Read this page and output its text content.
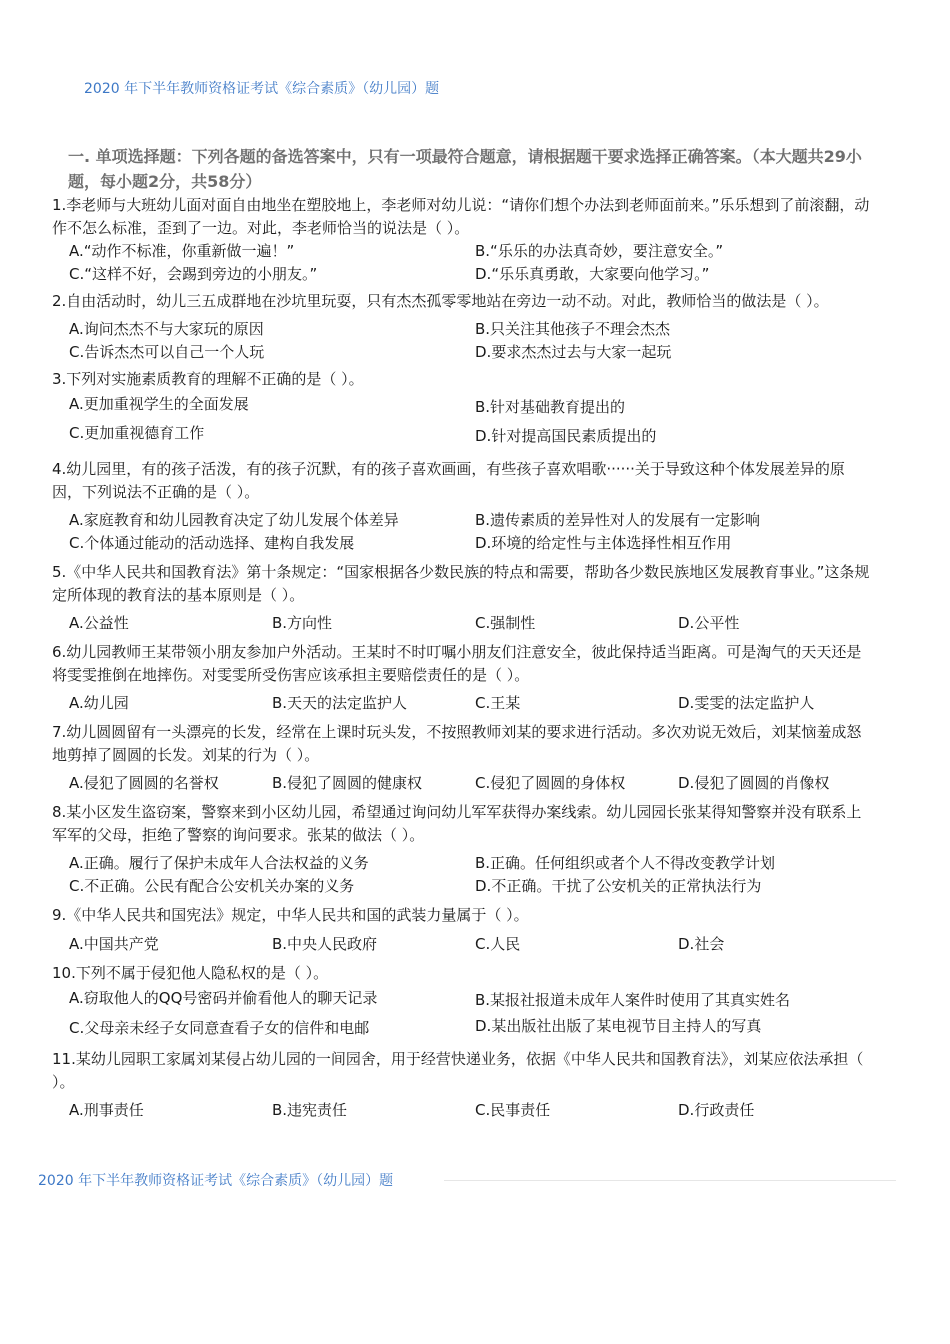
2020 年下半年教师资格证考试《综合素质》（幼儿园）题
一. 单项选择题：下列各题的备选答案中，只有一项最符合题意，请根据题干要求选择正确答案。（本大题共29小题，每小题2分，共58分）

1.李老师与大班幼儿面对面自由地坐在塑胶地上，李老师对幼儿说：“请你们想个办法到老师面前来。”乐乐想到了前滚翻，动作不怎么标准，歪到了一边。对此，李老师恰当的说法是（ ）。

A.“动作不标准，你重新做一遍！”	B.“乐乐的办法真奇妙，要注意安全。”
C.“这样不好，会踢到旁边的小朋友。”	D.“乐乐真勇敢，大家要向他学习。”

2.自由活动时，幼儿三五成群地在沙坑里玩耍，只有杰杰孤零零地站在旁边一动不动。对此，教师恰当的做法是（ ）。

A.询问杰杰不与大家玩的原因	B.只关注其他孩子不理会杰杰
C.告诉杰杰可以自己一个人玩	D.要求杰杰过去与大家一起玩

3.下列对实施素质教育的理解不正确的是（ ）。

A.更加重视学生的全面发展	B.针对基础教育提出的
C.更加重视德育工作	D.针对提高国民素质提出的

4.幼儿园里，有的孩子活泼，有的孩子沉默，有的孩子喜欢画画，有些孩子喜欢唱歌······关于导致这种个体发展差异的原因，下列说法不正确的是（ ）。

A.家庭教育和幼儿园教育决定了幼儿发展个体差异	B.遗传素质的差异性对人的发展有一定影响
C.个体通过能动的活动选择、建构自我发展	D.环境的给定性与主体选择性相互作用

5.《中华人民共和国教育法》第十条规定：“国家根据各少数民族的特点和需要，帮助各少数民族地区发展教育事业。”这条规定所体现的教育法的基本原则是（ ）。

A.公益性	B.方向性	C.强制性	D.公平性

6.幼儿园教师王某带领小朋友参加户外活动。王某时不时叮嘱小朋友们注意安全，彼此保持适当距离。可是淘气的天天还是将雯雯推倒在地摔伤。对雯雯所受伤害应该承担主要赔偿责任的是（ ）。

A.幼儿园	B.天天的法定监护人	C.王某	D.雯雯的法定监护人

7.幼儿圆圆留有一头漂亮的长发，经常在上课时玩头发，不按照教师刘某的要求进行活动。多次劝说无效后，刘某恼羞成怒地剪掉了圆圆的长发。刘某的行为（ ）。

A.侵犯了圆圆的名誉权	B.侵犯了圆圆的健康权	C.侵犯了圆圆的身体权	D.侵犯了圆圆的肖像权

8.某小区发生盗窃案，警察来到小区幼儿园，希望通过询问幼儿军军获得办案线索。幼儿园园长张某得知警察并没有联系上军军的父母，拒绝了警察的询问要求。张某的做法（ ）。

A.正确。履行了保护未成年人合法权益的义务	B.正确。任何组织或者个人不得改变教学计划
C.不正确。公民有配合公安机关办案的义务	D.不正确。干扰了公安机关的正常执法行为

9.《中华人民共和国宪法》规定，中华人民共和国的武装力量属于（ ）。

A.中国共产党	B.中央人民政府	C.人民	D.社会

10.下列不属于侵犯他人隐私权的是（ ）。

A.窃取他人的QQ号密码并偷看他人的聊天记录	B.某报社报道未成年人案件时使用了其真实姓名
C.父母亲未经子女同意查看子女的信件和电邮	D.某出版社出版了某电视节目主持人的写真

11.某幼儿园职工家属刘某侵占幼儿园的一间园舍，用于经营快递业务，依据《中华人民共和国教育法》，刘某应依法承担（ ）。

A.刑事责任	B.违宪责任	C.民事责任	D.行政责任
2020 年下半年教师资格证考试《综合素质》（幼儿园）题
